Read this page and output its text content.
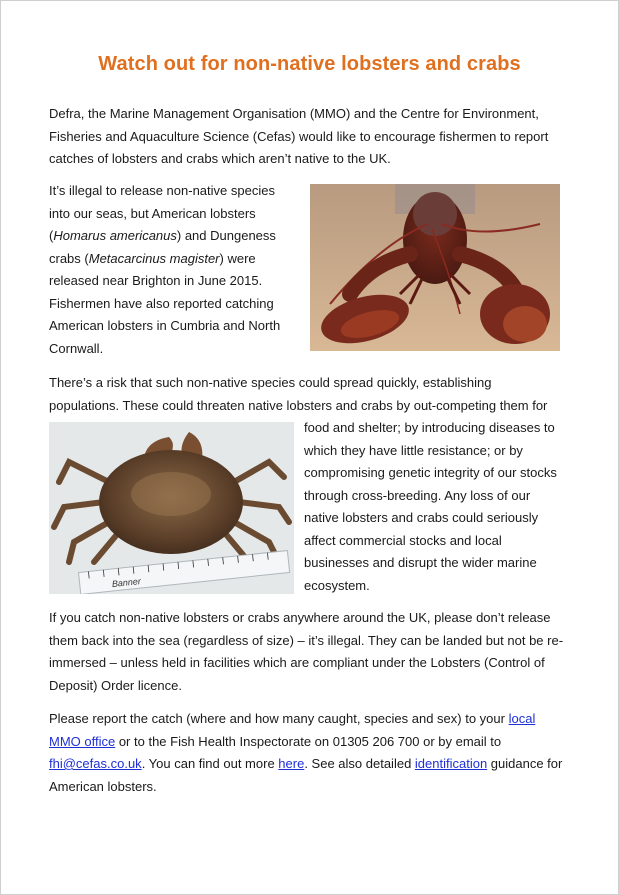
Watch out for non-native lobsters and crabs

Defra, the Marine Management Organisation (MMO) and the Centre for Environment, Fisheries and Aquaculture Science (Cefas) would like to encourage fishermen to report catches of lobsters and crabs which aren’t native to the UK.

It’s illegal to release non-native species into our seas, but American lobsters (Homarus americanus) and Dungeness crabs (Metacarcinus magister) were released near Brighton in June 2015. Fishermen have also reported catching American lobsters in Cumbria and North Cornwall.

There’s a risk that such non-native species could spread quickly, establishing populations. These could threaten native lobsters and crabs by out-competing them for

Banner

food and shelter; by introducing diseases to which they have little resistance; or by compromising genetic integrity of our stocks through cross-breeding. Any loss of our native lobsters and crabs could seriously affect commercial stocks and local businesses and disrupt the wider marine ecosystem.

If you catch non-native lobsters or crabs anywhere around the UK, please don’t release them back into the sea (regardless of size) – it’s illegal. They can be landed but not be re-immersed – unless held in facilities which are compliant under the Lobsters (Control of Deposit) Order licence.

Please report the catch (where and how many caught, species and sex) to your local MMO office or to the Fish Health Inspectorate on 01305 206 700 or by email to fhi@cefas.co.uk. You can find out more here. See also detailed identification guidance for American lobsters.
